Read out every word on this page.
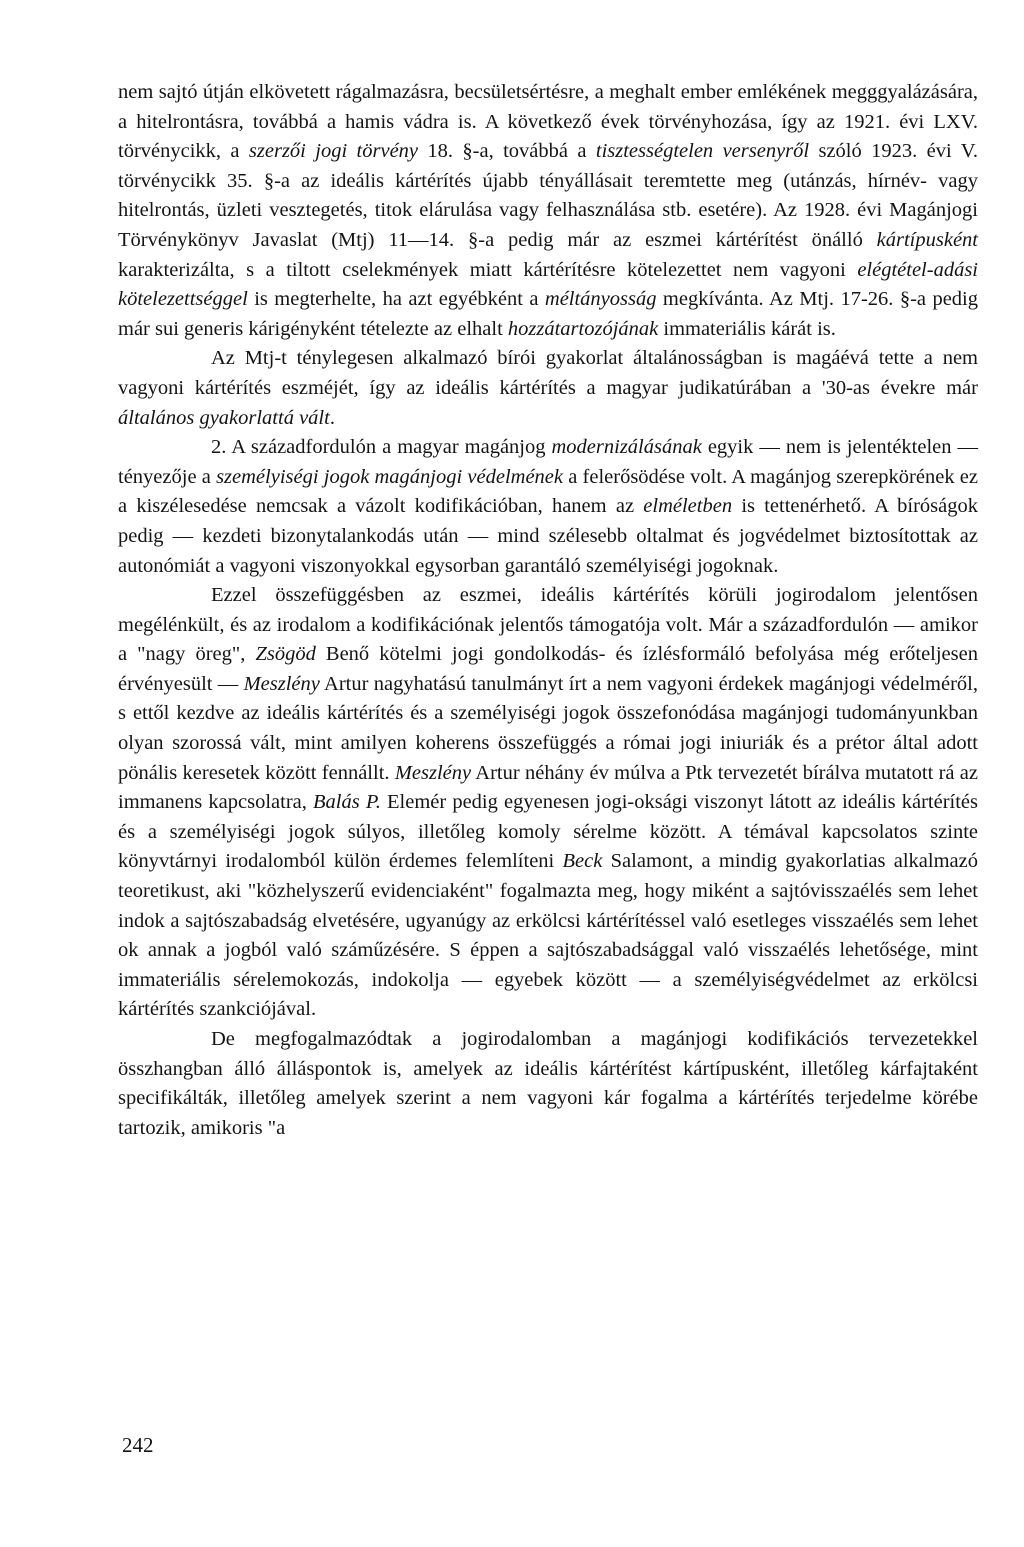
nem sajtó útján elkövetett rágalmazásra, becsületsértésre, a meghalt ember emlékének megggyalázására, a hitelrontásra, továbbá a hamis vádra is. A következő évek törvényhozása, így az 1921. évi LXV. törvénycikk, a szerzői jogi törvény 18. §-a, továbbá a tisztességtelen versenyről szóló 1923. évi V. törvénycikk 35. §-a az ideális kártérítés újabb tényállásait teremtette meg (utánzás, hírnév- vagy hitelrontás, üzleti vesztegetés, titok elárulása vagy felhasználása stb. esetére). Az 1928. évi Magánjogi Törvénykönyv Javaslat (Mtj) 11—14. §-a pedig már az eszmei kártérítést önálló kártípusként karakterizálta, s a tiltott cselekmények miatt kártérítésre kötelezettet nem vagyoni elégtétel-adási kötelezettséggel is megterhelte, ha azt egyébként a méltányosság megkívánta. Az Mtj. 17-26. §-a pedig már sui generis kárigényként tételezte az elhalt hozzátartozójának immateriális kárát is.

Az Mtj-t ténylegesen alkalmazó bírói gyakorlat általánosságban is magáévá tette a nem vagyoni kártérítés eszméjét, így az ideális kártérítés a magyar judikatúrában a '30-as évekre már általános gyakorlattá vált.

2. A századfordulón a magyar magánjog modernizálásának egyik — nem is jelentéktelen — tényezője a személyiségi jogok magánjogi védelmének a felerősödése volt. A magánjog szerepkörének ez a kiszélesedése nemcsak a vázolt kodifikációban, hanem az elméletben is tettenérhető. A bíróságok pedig — kezdeti bizonytalankodás után — mind szélesebb oltalmat és jogvédelmet biztosítottak az autonómiát a vagyoni viszonyokkal egysorban garantáló személyiségi jogoknak.

Ezzel összefüggésben az eszmei, ideális kártérítés körüli jogirodalom jelentősen megélénkült, és az irodalom a kodifikációnak jelentős támogatója volt. Már a századfordulón — amikor a "nagy öreg", Zsögöd Benő kötelmi jogi gondolkodás- és ízlésformáló befolyása még erőteljesen érvényesült — Meszlény Artur nagyhatású tanulmányt írt a nem vagyoni érdekek magánjogi védelméről, s ettől kezdve az ideális kártérítés és a személyiségi jogok összefonódása magánjogi tudományunkban olyan szorossá vált, mint amilyen koherens összefüggés a római jogi iniuriák és a prétor által adott pönális keresetek között fennállt. Meszlény Artur néhány év múlva a Ptk tervezetét bírálva mutatott rá az immanens kapcsolatra, Balás P. Elemér pedig egyenesen jogi-oksági viszonyt látott az ideális kártérítés és a személyiségi jogok súlyos, illetőleg komoly sérelme között. A témával kapcsolatos szinte könyvtárnyi irodalomból külön érdemes felemlíteni Beck Salamont, a mindig gyakorlatias alkalmazó teoretikust, aki "közhelyszerű evidenciaként" fogalmazta meg, hogy miként a sajtóvisszaélés sem lehet indok a sajtószabadság elvetésére, ugyanúgy az erkölcsi kártérítéssel való esetleges visszaélés sem lehet ok annak a jogból való száműzésére. S éppen a sajtószabadsággal való visszaélés lehetősége, mint immateriális sérelemokozás, indokolja — egyebek között — a személyiségvédelmet az erkölcsi kártérítés szankciójával.

De megfogalmazódtak a jogirodalomban a magánjogi kodifikációs tervezetekkel összhangban álló álláspontok is, amelyek az ideális kártérítést kártípusként, illetőleg kárfajtaként specifikálták, illetőleg amelyek szerint a nem vagyoni kár fogalma a kártérítés terjedelme körébe tartozik, amikoris "a

242
